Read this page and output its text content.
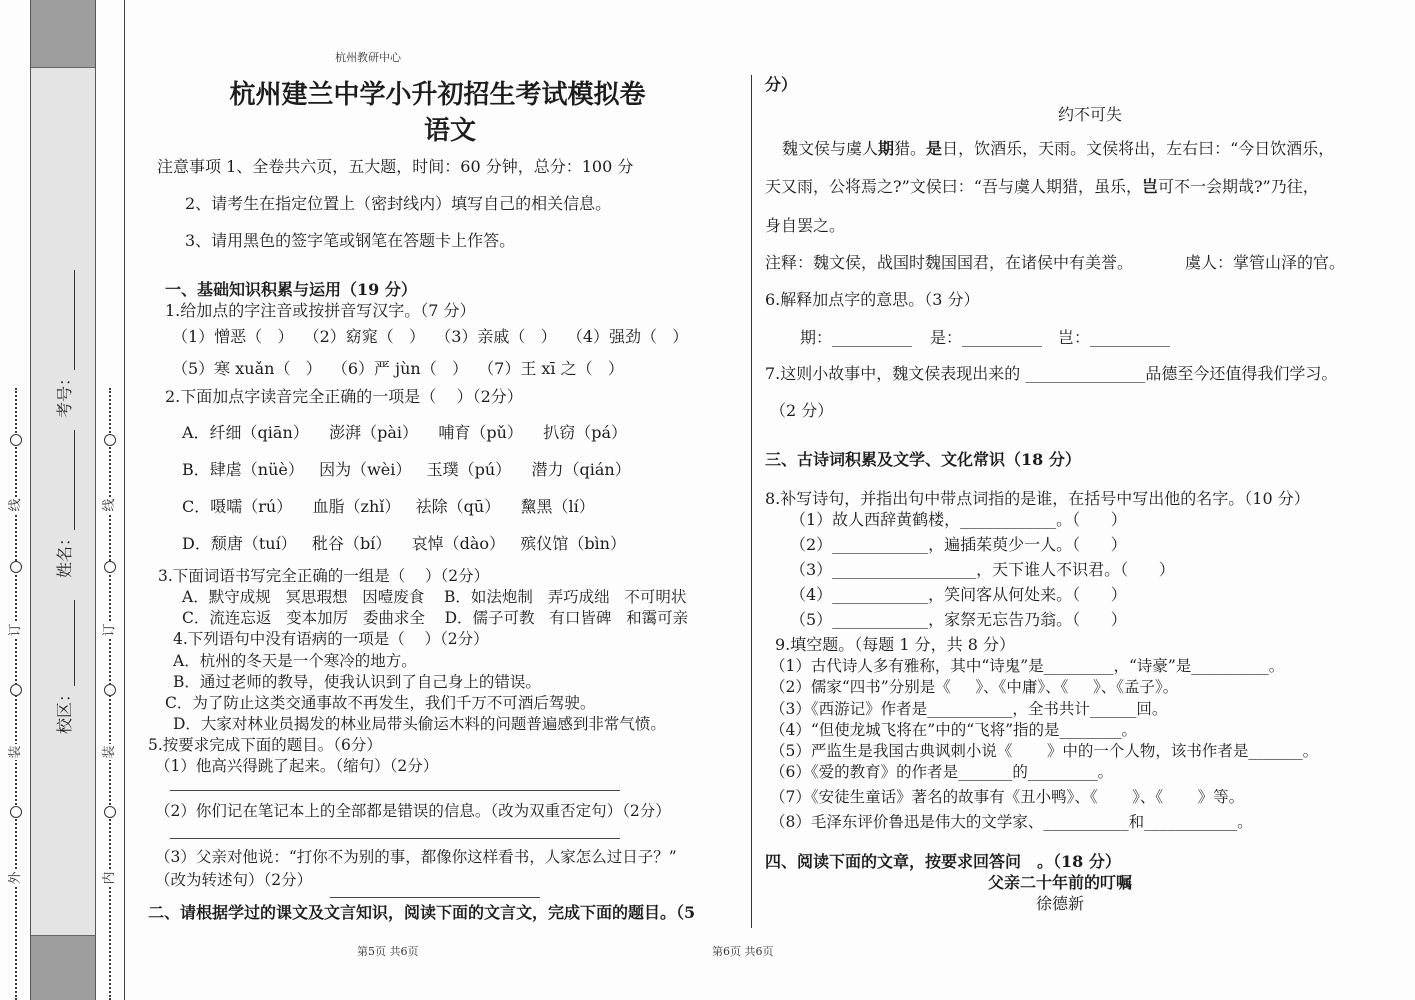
线
订
装
外
线
订
装
内
校区：
姓名：
考号：
杭州教研中心
杭州建兰中学小升初招生考试模拟卷
语文
注意事项 1、全卷共六页，五大题，时间：60 分钟，总分：100 分
2、请考生在指定位置上（密封线内）填写自己的相关信息。
3、请用黑色的签字笔或钢笔在答题卡上作答。
一、基础知识积累与运用（19 分）
1.给加点的字注音或按拼音写汉字。（7 分）
（1）憎恶（   ）  （2）窈窕（   ）  （3）亲戚（   ）  （4）强劲（   ）
（5）寒 xuǎn（   ）  （6）严 jùn（   ）  （7）王 xī 之（   ）
2.下面加点字读音完全正确的一项是（    ）（2分）
A．纤细（qiān）    澎湃（pài）    哺育（pǔ）    扒窃（pá）
B．肆虐（nüè）   因为（wèi）   玉璞（pú）    潜力（qián）
C．嗫嚅（rú）    血脂（zhǐ）   祛除（qū）    黧黑（lí）
D．颓唐（tuí）   秕谷（bí）    哀悼（dào）   殡仪馆（bìn）
3.下面词语书写完全正确的一组是（    ）（2分）
A．默守成规   冥思瑕想   因噎废食    B．如法炮制   弄巧成绌   不可明状
C．流连忘返   变本加厉   委曲求全    D．儒子可教   有口皆碑   和霭可亲
4.下列语句中没有语病的一项是（    ）（2分）
A．杭州的冬天是一个寒冷的地方。
B．通过老师的教导，使我认识到了自己身上的错误。
C．为了防止这类交通事故不再发生，我们千万不可酒后驾驶。
D．大家对林业员揭发的林业局带头偷运木料的问题普遍感到非常气愤。
5.按要求完成下面的题目。（6分）
（1）他高兴得跳了起来。（缩句）（2分）
（2）你们记在笔记本上的全部都是错误的信息。（改为双重否定句）（2分）
（3）父亲对他说：“打你不为别的事，都像你这样看书，人家怎么过日子？”
（改为转述句）（2分）
二、请根据学过的课文及文言知识，阅读下面的文言文，完成下面的题目。（5
分）
约不可失
魏文侯与虞人期猎。是日，饮酒乐，天雨。文侯将出，左右曰：“今日饮酒乐，
天又雨，公将焉之?”文侯曰：“吾与虞人期猎，虽乐，岂可不一会期哉?”乃往，
身自罢之。
注释：魏文侯，战国时魏国国君，在诸侯中有美誉。	虞人：掌管山泽的官。
6.解释加点字的意思。（3 分）
期：__________ 是：__________ 岂：__________
7.这则小故事中，魏文侯表现出来的 _______________品德至今还值得我们学习。
（2 分）
三、古诗词积累及文学、文化常识（18 分）
8.补写诗句，并指出句中带点词指的是谁，在括号中写出他的名字。（10 分）
（1）故人西辞黄鹤楼，____________。（      ）
（2）____________，遍插茱萸少一人。（      ）
（3）__________________，天下谁人不识君。（      ）
（4）____________，笑问客从何处来。（      ）
（5）____________，家祭无忘告乃翁。（      ）
9.填空题。（每题 1 分，共 8 分）
（1）古代诗人多有雅称，其中“诗鬼”是_________，“诗豪”是__________。
（2）儒家“四书”分别是《     》、《中庸》、《     》、《孟子》。
（3）《西游记》作者是___________，全书共计______回。
（4）“但使龙城飞将在”中的“飞将”指的是________。
（5）严监生是我国古典讽刺小说《       》中的一个人物，该书作者是_______。
（6）《爱的教育》的作者是_______的_________。
（7）《安徒生童话》著名的故事有《丑小鸭》、《       》、《       》等。
（8）毛泽东评价鲁迅是伟大的文学家、___________和____________。
四、阅读下面的文章，按要求回答问　。（18 分）
父亲二十年前的叮嘱
徐德新
第5页 共6页	第6页 共6页
